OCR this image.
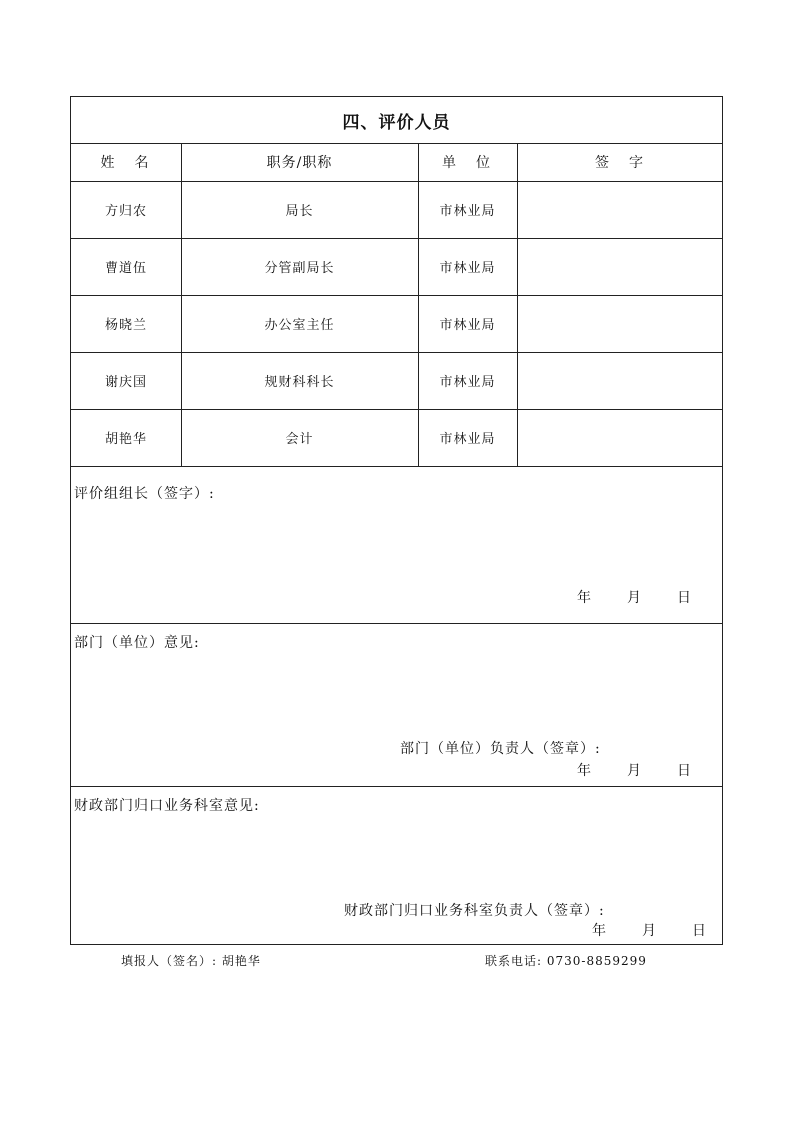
四、评价人员
姓　名	职务/职称	单　位	签　字
方归农	局长	市林业局
曹道伍	分管副局长	市林业局
杨晓兰	办公室主任	市林业局
谢庆国	规财科科长	市林业局
胡艳华	会计	市林业局
评价组组长（签字）:
年	月	日
部门（单位）意见:
部门（单位）负责人（签章）:
年	月	日
财政部门归口业务科室意见:
财政部门归口业务科室负责人（签章）:
年	月	日
填报人（签名）: 胡艳华	联系电话: 0730-8859299
